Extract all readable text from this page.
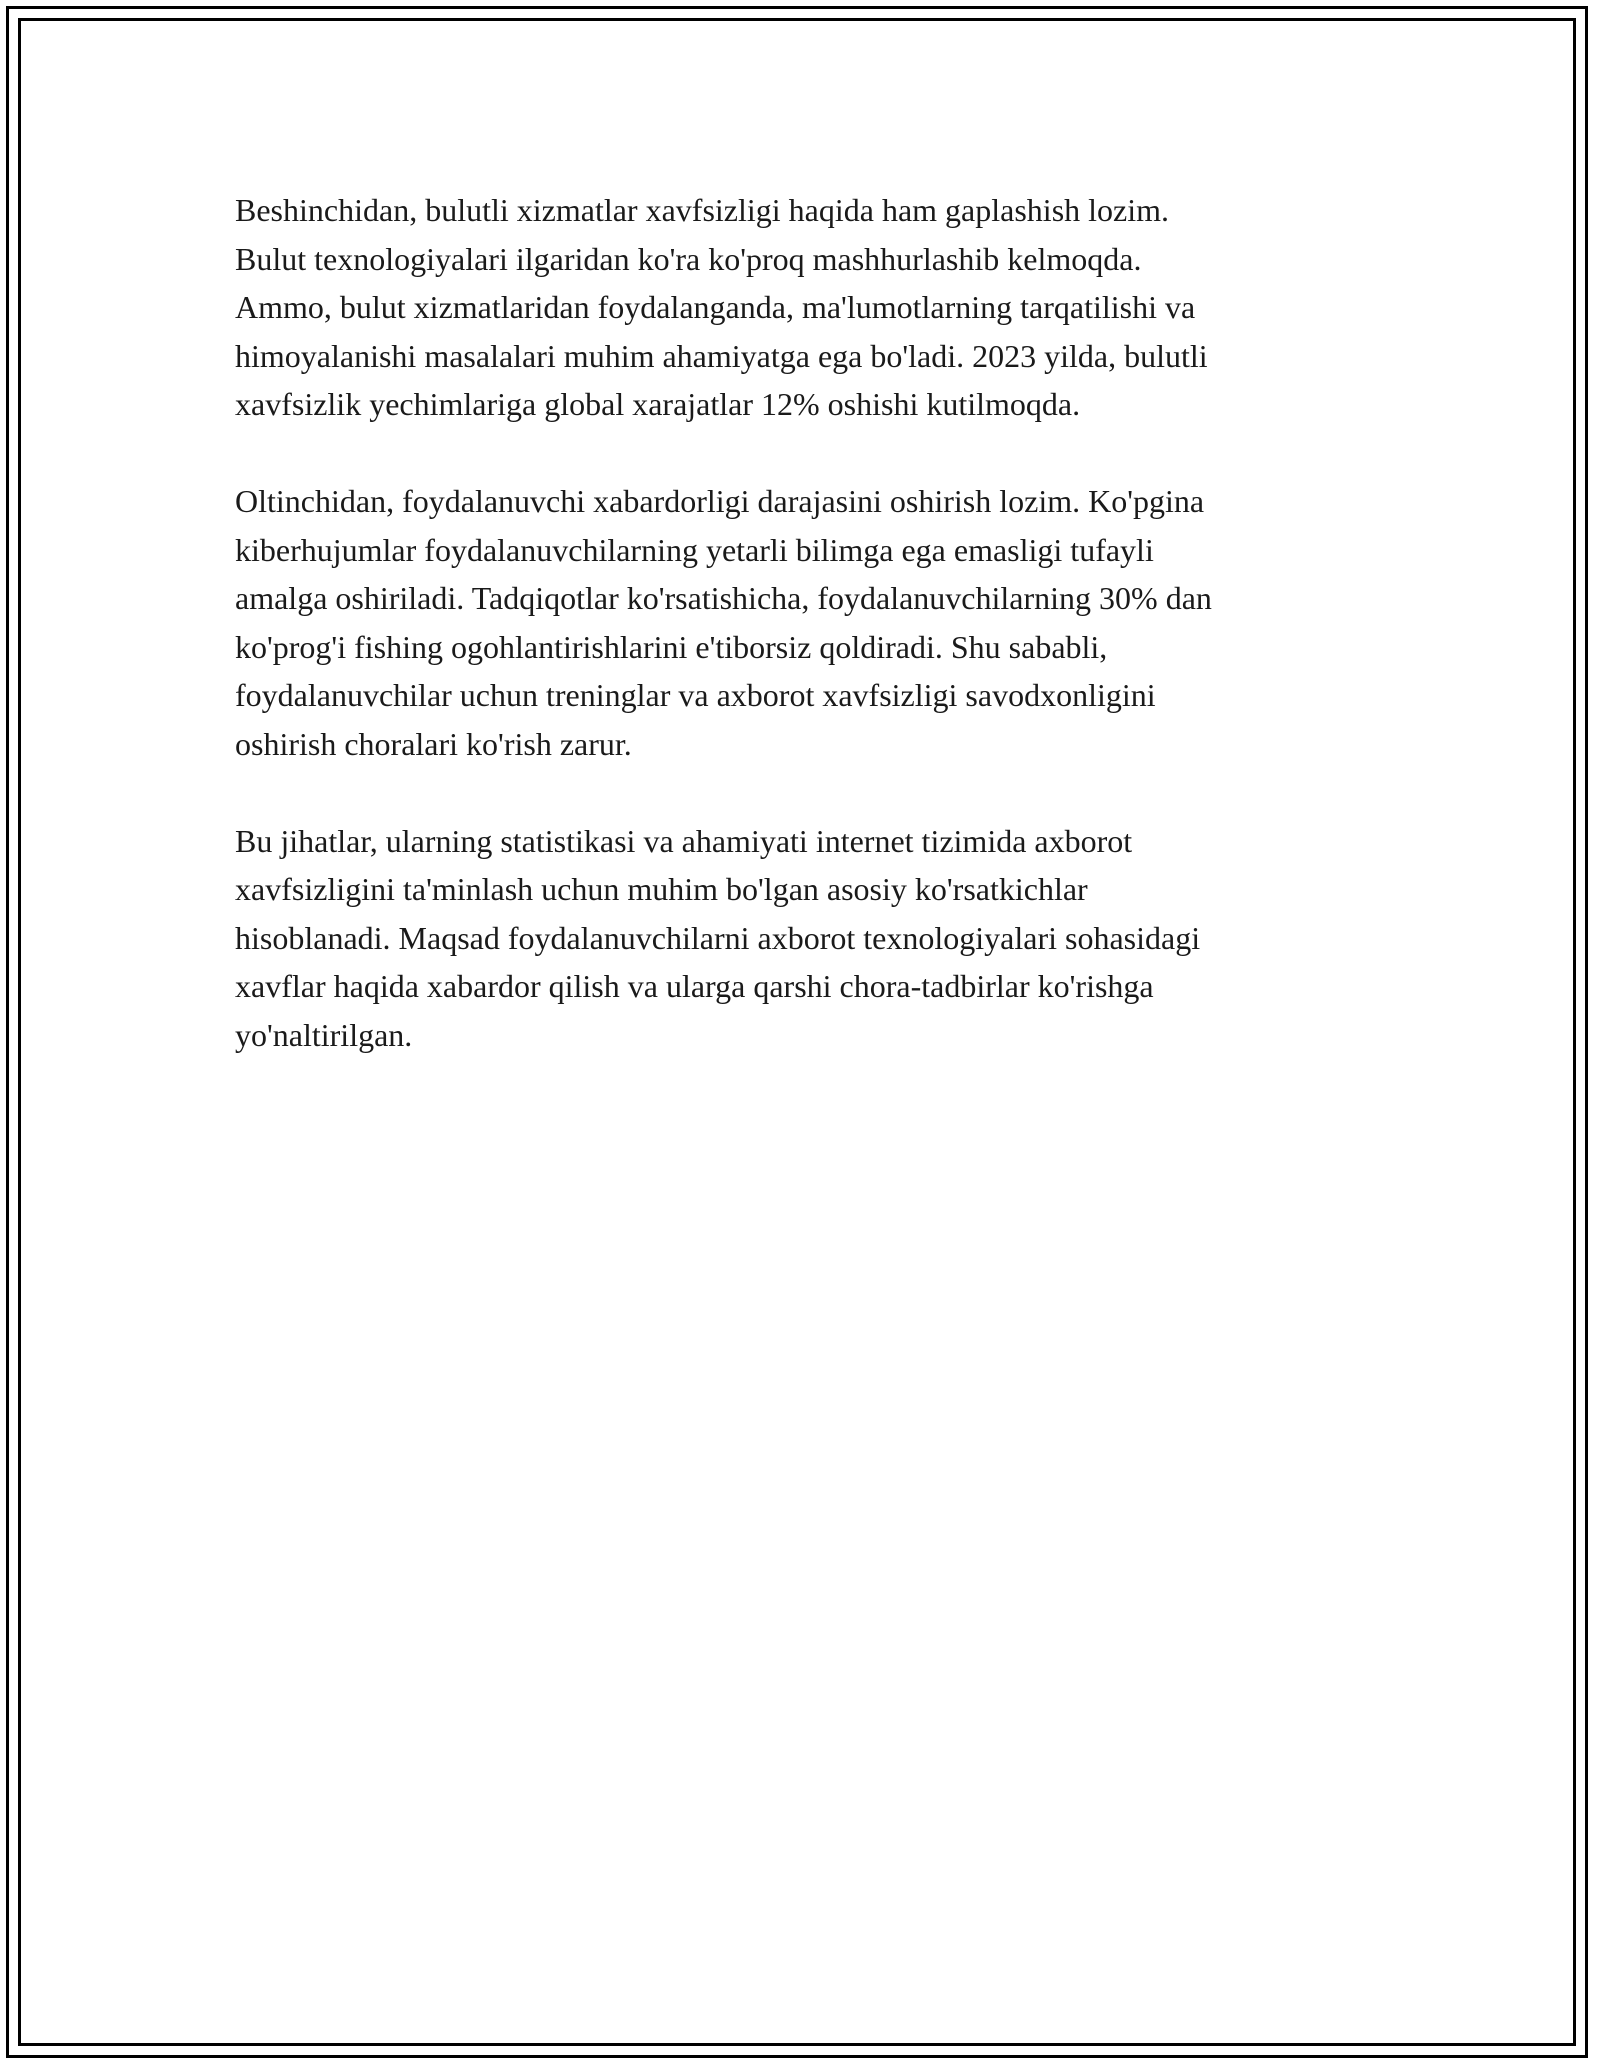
Beshinchidan, bulutli xizmatlar xavfsizligi haqida ham gaplashish lozim.
Bulut texnologiyalari ilgaridan ko'ra ko'proq mashhurlashib kelmoqda.
Ammo, bulut xizmatlaridan foydalanganda, ma'lumotlarning tarqatilishi va
himoyalanishi masalalari muhim ahamiyatga ega bo'ladi. 2023 yilda, bulutli
xavfsizlik yechimlariga global xarajatlar 12% oshishi kutilmoqda.

Oltinchidan, foydalanuvchi xabardorligi darajasini oshirish lozim. Ko'pgina
kiberhujumlar foydalanuvchilarning yetarli bilimga ega emasligi tufayli
amalga oshiriladi. Tadqiqotlar ko'rsatishicha, foydalanuvchilarning 30% dan
ko'prog'i fishing ogohlantirishlarini e'tiborsiz qoldiradi. Shu sababli,
foydalanuvchilar uchun treninglar va axborot xavfsizligi savodxonligini
oshirish choralari ko'rish zarur.

Bu jihatlar, ularning statistikasi va ahamiyati internet tizimida axborot
xavfsizligini ta'minlash uchun muhim bo'lgan asosiy ko'rsatkichlar
hisoblanadi. Maqsad foydalanuvchilarni axborot texnologiyalari sohasidagi
xavflar haqida xabardor qilish va ularga qarshi chora-tadbirlar ko'rishga
yo'naltirilgan.
